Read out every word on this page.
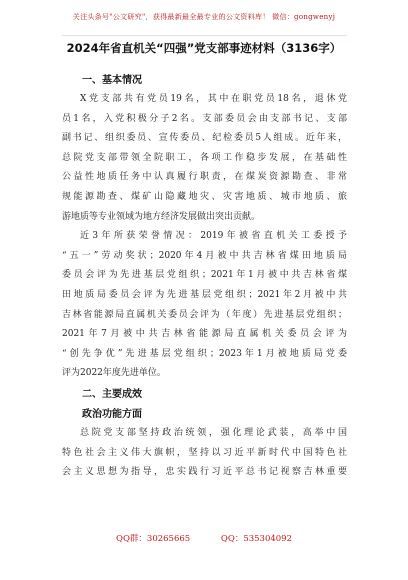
关注头条号"公文研究"，获得最新最全最专业的公文资料库！ 微信：gongwenyj
2024年省直机关“四强”党支部事迹材料（3136字）
一、基本情况
X党支部共有党员19名，其中在职党员18名，退休党
员1名，入党积极分子2名。支部委员会由支部书记、支部
副书记、组织委员、宣传委员、纪检委员5人组成。近年来，
总院党支部带领全院职工，各项工作稳步发展，在基础性
公益性地质任务中认真履行职责，在煤炭资源勘查、非常
规能源勘查、煤矿山隐藏地灾、灾害地质、城市地质、旅
游地质等专业领域为地方经济发展做出突出贡献。
近3年所获荣誉情况：2019年被省直机关工委授予
“五一”劳动奖状；2020年4月被中共吉林省煤田地质局
委员会评为先进基层党组织；2021年1月被中共吉林省煤
田地质局委员会评为先进基层党组织；2021年2月被中共
吉林省能源局直属机关委员会评为（年度）先进基层党组织；
2021年7月被中共吉林省能源局直属机关委员会评为
“创先争优”先进基层党组织；2023年1月被地质局党委
评为2022年度先进单位。
二、主要成效
政治功能方面
总院党支部坚持政治统领，强化理论武装，高举中国
特色社会主义伟大旗帜，坚持以习近平新时代中国特色社
会主义思想为指导，忠实践行习近平总书记视察吉林重要
QQ群：30265665	QQ：535304092
